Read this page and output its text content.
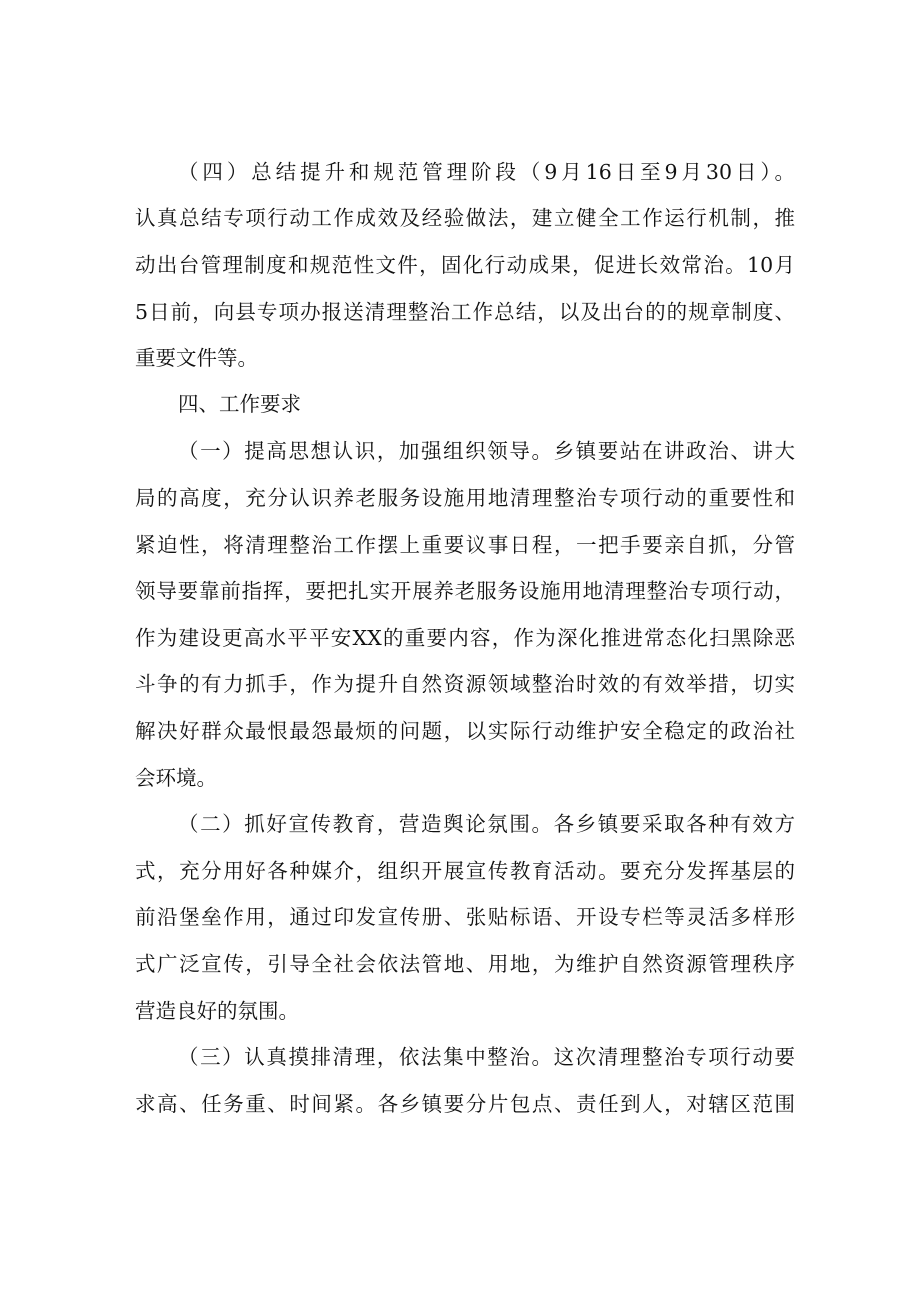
（四）总结提升和规范管理阶段（9月16日至9月30日）。
认真总结专项行动工作成效及经验做法，建立健全工作运行机制，推
动出台管理制度和规范性文件，固化行动成果，促进长效常治。10月
5日前，向县专项办报送清理整治工作总结，以及出台的的规章制度、
重要文件等。
四、工作要求
（一）提高思想认识，加强组织领导。乡镇要站在讲政治、讲大
局的高度，充分认识养老服务设施用地清理整治专项行动的重要性和
紧迫性，将清理整治工作摆上重要议事日程，一把手要亲自抓，分管
领导要靠前指挥，要把扎实开展养老服务设施用地清理整治专项行动，
作为建设更高水平平安XX的重要内容，作为深化推进常态化扫黑除恶
斗争的有力抓手，作为提升自然资源领域整治时效的有效举措，切实
解决好群众最恨最怨最烦的问题，以实际行动维护安全稳定的政治社
会环境。
（二）抓好宣传教育，营造舆论氛围。各乡镇要采取各种有效方
式，充分用好各种媒介，组织开展宣传教育活动。要充分发挥基层的
前沿堡垒作用，通过印发宣传册、张贴标语、开设专栏等灵活多样形
式广泛宣传，引导全社会依法管地、用地，为维护自然资源管理秩序
营造良好的氛围。
（三）认真摸排清理，依法集中整治。这次清理整治专项行动要
求高、任务重、时间紧。各乡镇要分片包点、责任到人，对辖区范围
